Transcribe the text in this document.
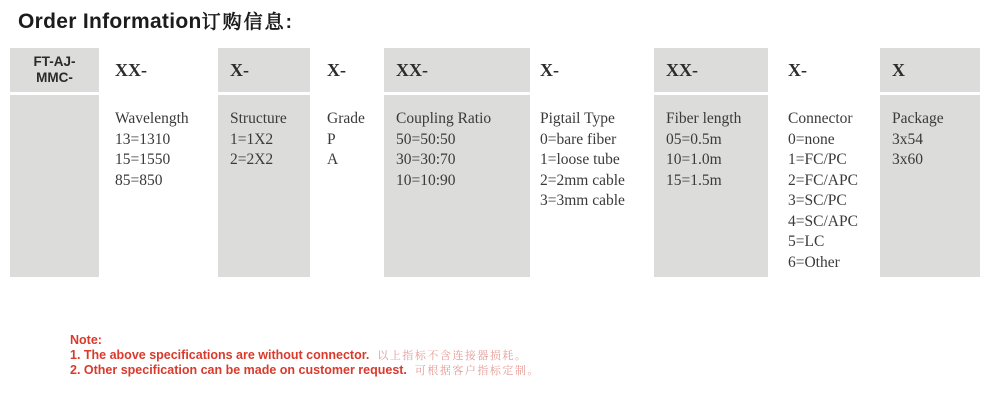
Order Information订购信息:
FT-AJ-
MMC-	XX-
Wavelength
13=1310
15=1550
85=850
X-
Structure
1=1X2
2=2X2
X-
Grade
P
A
XX-
Coupling Ratio
50=50:50
30=30:70
10=10:90
X-
Pigtail Type
0=bare fiber
1=loose tube
2=2mm cable
3=3mm cable
XX-
Fiber length
05=0.5m
10=1.0m
15=1.5m
X-
Connector
0=none
1=FC/PC
2=FC/APC
3=SC/PC
4=SC/APC
5=LC
6=Other
X
Package
3x54
3x60
Note:
1. The above specifications are without connector. 以上指标不含连接器损耗。
2. Other specification can be made on customer request. 可根据客户指标定制。
